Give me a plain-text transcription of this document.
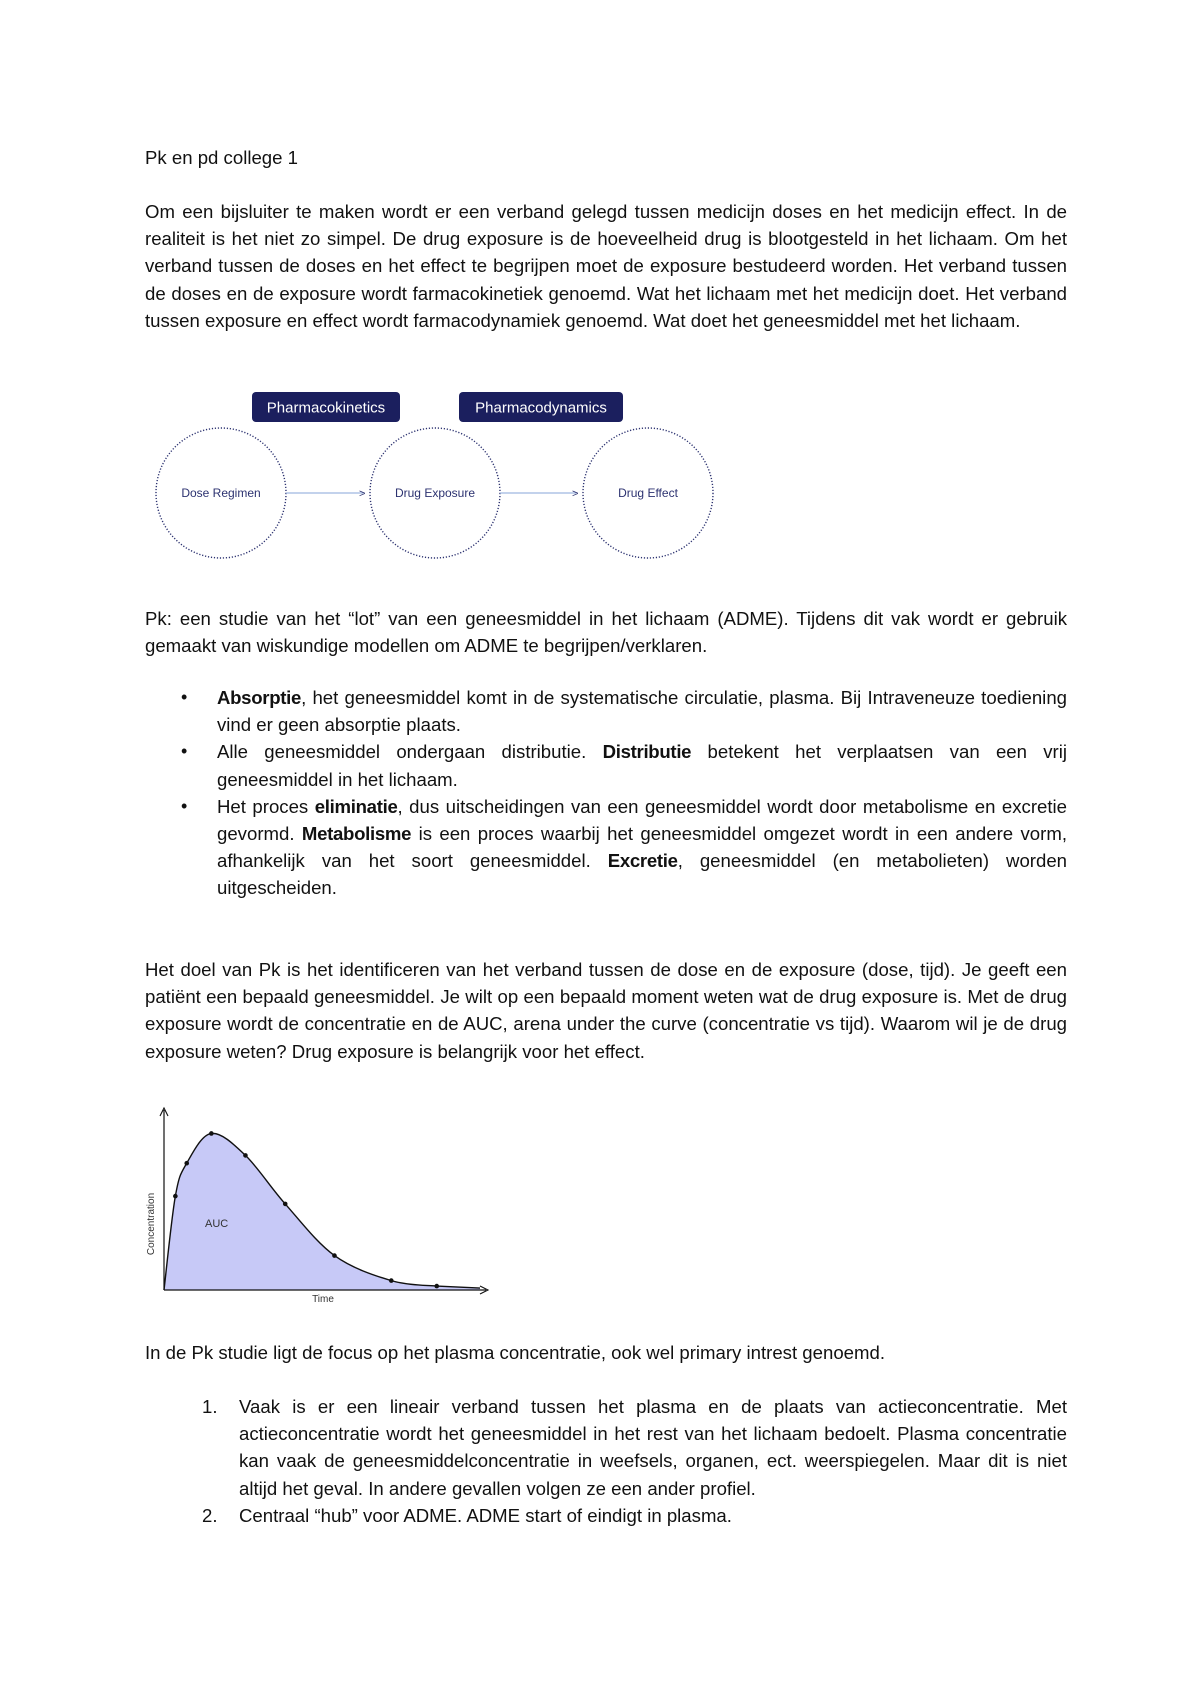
Pk en pd college 1

Om een bijsluiter te maken wordt er een verband gelegd tussen medicijn doses en het medicijn effect. In de realiteit is het niet zo simpel. De drug exposure is de hoeveelheid drug is blootgesteld in het lichaam. Om het verband tussen de doses en het effect te begrijpen moet de exposure bestudeerd worden. Het verband tussen de doses en de exposure wordt farmacokinetiek genoemd. Wat het lichaam met het medicijn doet. Het verband tussen exposure en effect wordt farmacodynamiek genoemd. Wat doet het geneesmiddel met het lichaam.

Pharmacokinetics	Pharmacodynamics
Dose Regimen	Drug Exposure	Drug Effect
>	>

Pk: een studie van het “lot” van een geneesmiddel in het lichaam (ADME). Tijdens dit vak wordt er gebruik gemaakt van wiskundige modellen om ADME te begrijpen/verklaren.

• Absorptie, het geneesmiddel komt in de systematische circulatie, plasma. Bij Intraveneuze toediening vind er geen absorptie plaats.
• Alle geneesmiddel ondergaan distributie. Distributie betekent het verplaatsen van een vrij geneesmiddel in het lichaam.
• Het proces eliminatie, dus uitscheidingen van een geneesmiddel wordt door metabolisme en excretie gevormd. Metabolisme is een proces waarbij het geneesmiddel omgezet wordt in een andere vorm, afhankelijk van het soort geneesmiddel. Excretie, geneesmiddel (en metabolieten) worden uitgescheiden.

Het doel van Pk is het identificeren van het verband tussen de dose en de exposure (dose, tijd). Je geeft een patiënt een bepaald geneesmiddel. Je wilt op een bepaald moment weten wat de drug exposure is. Met de drug exposure wordt de concentratie en de AUC, arena under the curve (concentratie vs tijd). Waarom wil je de drug exposure weten? Drug exposure is belangrijk voor het effect.

Concentration
Time
AUC

In de Pk studie ligt de focus op het plasma concentratie, ook wel primary intrest genoemd.

1. Vaak is er een lineair verband tussen het plasma en de plaats van actieconcentratie. Met actieconcentratie wordt het geneesmiddel in het rest van het lichaam bedoelt. Plasma concentratie kan vaak de geneesmiddelconcentratie in weefsels, organen, ect. weerspiegelen. Maar dit is niet altijd het geval. In andere gevallen volgen ze een ander profiel.
2. Centraal “hub” voor ADME. ADME start of eindigt in plasma.
